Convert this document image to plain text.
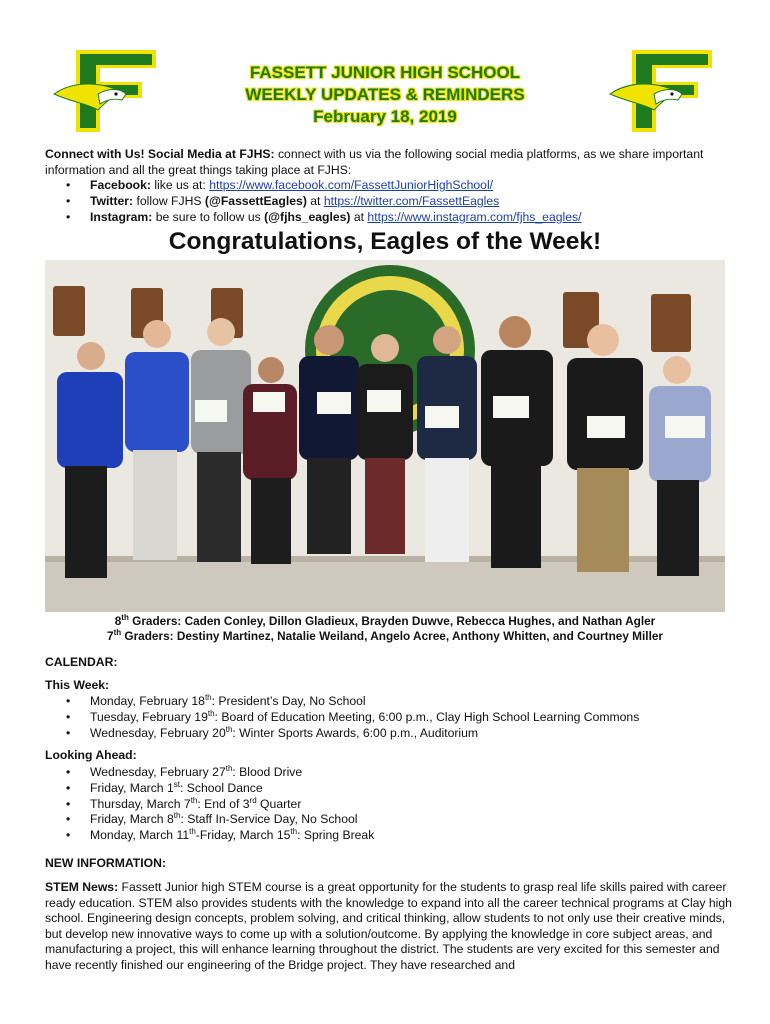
FASSETT JUNIOR HIGH SCHOOL
WEEKLY UPDATES & REMINDERS
February 18, 2019
Connect with Us! Social Media at FJHS: connect with us via the following social media platforms, as we share important information and all the great things taking place at FJHS:
• Facebook: like us at: https://www.facebook.com/FassettJuniorHighSchool/
• Twitter: follow FJHS (@FassettEagles) at https://twitter.com/FassettEagles
• Instagram: be sure to follow us (@fjhs_eagles) at https://www.instagram.com/fjhs_eagles/
Congratulations, Eagles of the Week!
8th Graders: Caden Conley, Dillon Gladieux, Brayden Duwve, Rebecca Hughes, and Nathan Agler
7th Graders: Destiny Martinez, Natalie Weiland, Angelo Acree, Anthony Whitten, and Courtney Miller
CALENDAR:
This Week:
• Monday, February 18th: President’s Day, No School
• Tuesday, February 19th: Board of Education Meeting, 6:00 p.m., Clay High School Learning Commons
• Wednesday, February 20th: Winter Sports Awards, 6:00 p.m., Auditorium
Looking Ahead:
• Wednesday, February 27th: Blood Drive
• Friday, March 1st: School Dance
• Thursday, March 7th: End of 3rd Quarter
• Friday, March 8th: Staff In-Service Day, No School
• Monday, March 11th-Friday, March 15th: Spring Break
NEW INFORMATION:
STEM News: Fassett Junior high STEM course is a great opportunity for the students to grasp real life skills paired with career ready education. STEM also provides students with the knowledge to expand into all the career technical programs at Clay high school. Engineering design concepts, problem solving, and critical thinking, allow students to not only use their creative minds, but develop new innovative ways to come up with a solution/outcome. By applying the knowledge in core subject areas, and manufacturing a project, this will enhance learning throughout the district. The students are very excited for this semester and have recently finished our engineering of the Bridge project. They have researched and
